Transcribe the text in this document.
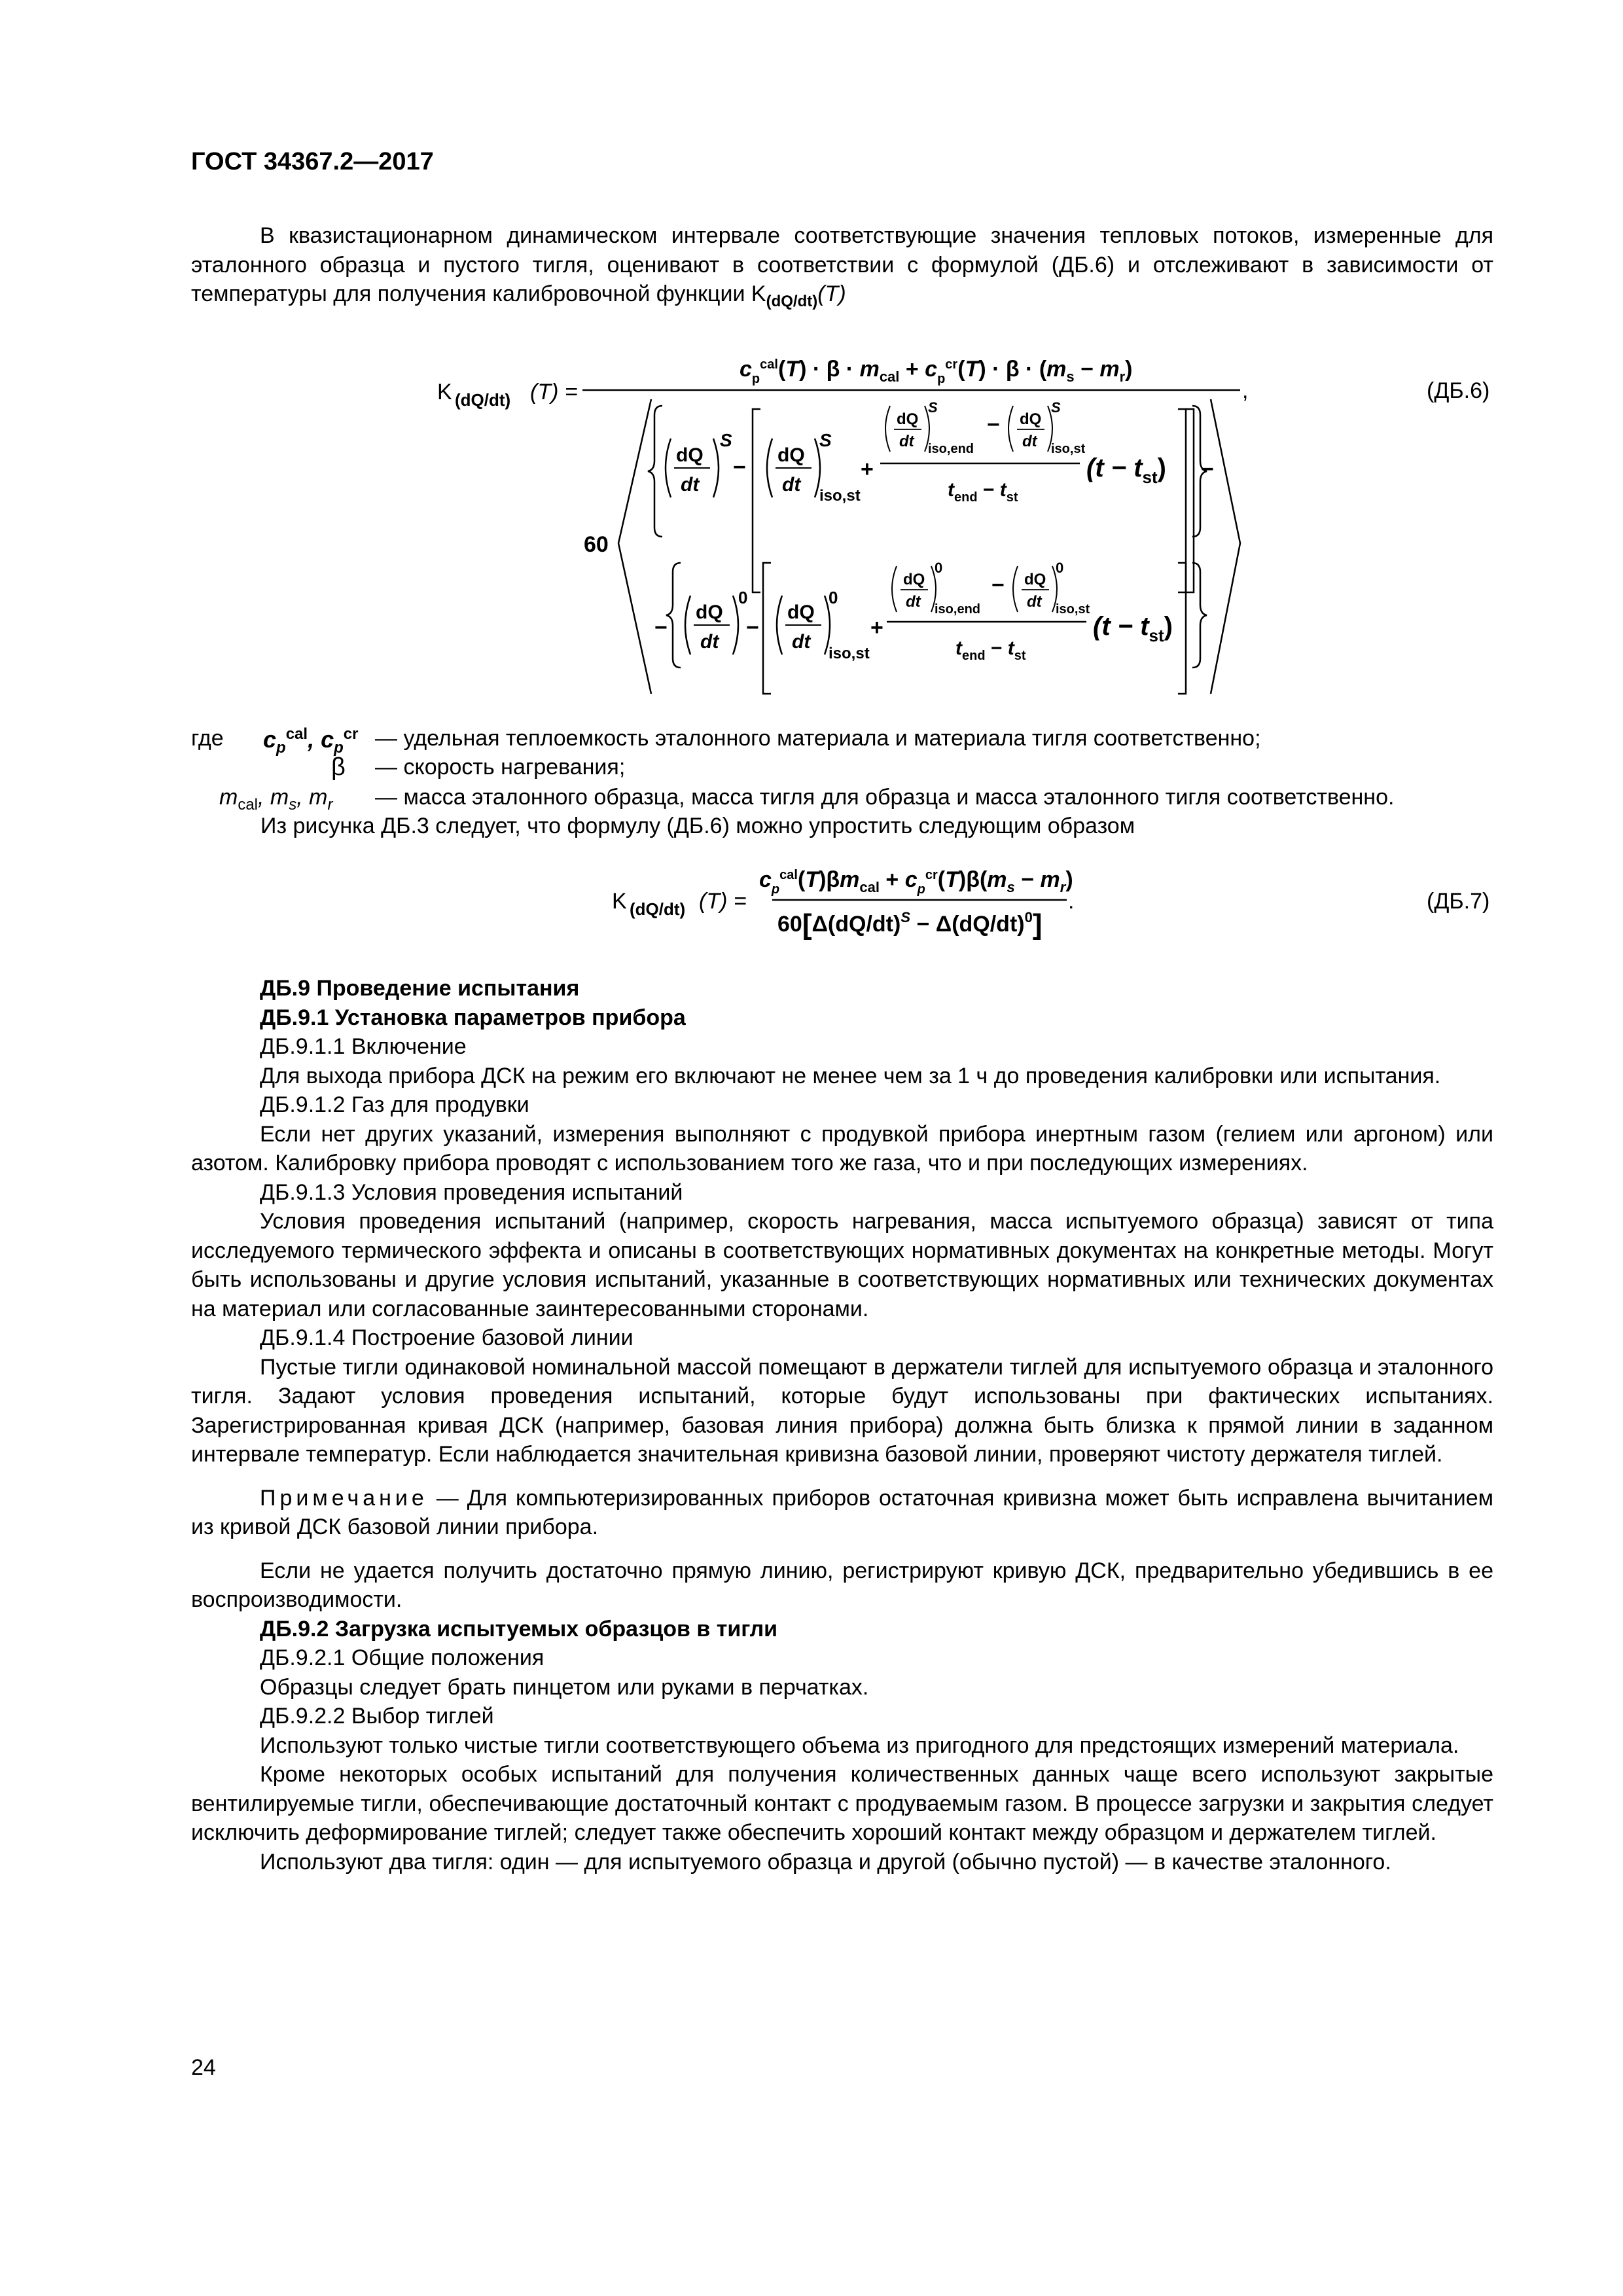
ГОСТ 34367.2—2017
В квазистационарном динамическом интервале соответствующие значения тепловых потоков, измеренные для эталонного образца и пустого тигля, оценивают в соответствии с формулой (ДБ.6) и отслеживают в зависимости от температуры для получения калибровочной функции $K_{(dQ/dt)}(T)$
K (dQ/dt) (T) =
$c_p^{cal}(T) \cdot \beta \cdot m_{cal} + c_p^{cr}(T) \cdot \beta \cdot (m_s - m_r)$
,	(ДБ.6)
60
dQ
dt
S
− dQ
dt
S
iso,st
+
dQ
dt
S
iso,end
− dQ
dt
S
iso,st
$t_{end} - t_{st}$
$(t - t_{st})$ −
−
dQ
dt
0
−
dQ
dt
0
iso,st
+
dQ
dt
0
iso,end
− dQ
dt
0
iso,st
$t_{end} - t_{st}$
$(t - t_{st})$
где $c_p^{cal}$, $c_p^{cr}$ — удельная теплоемкость эталонного материала и материала тигля соответственно;
β — скорость нагревания;
$m_{cal}$, $m_s$, $m_r$ — масса эталонного образца, масса тигля для образца и масса эталонного тигля соответственно.
Из рисунка ДБ.3 следует, что формулу (ДБ.6) можно упростить следующим образом
K (dQ/dt) (T) =
$c_p^{cal}(T)\beta m_{cal} + c_p^{cr}(T)\beta(m_s - m_r)$
$60[\Delta(dQ/dt)^S - \Delta(dQ/dt)^0]$
.	(ДБ.7)
ДБ.9 Проведение испытания
ДБ.9.1 Установка параметров прибора
ДБ.9.1.1 Включение
Для выхода прибора ДСК на режим его включают не менее чем за 1 ч до проведения калибровки или испытания.
ДБ.9.1.2 Газ для продувки
Если нет других указаний, измерения выполняют с продувкой прибора инертным газом (гелием или аргоном) или азотом. Калибровку прибора проводят с использованием того же газа, что и при последующих измерениях.
ДБ.9.1.3 Условия проведения испытаний
Условия проведения испытаний (например, скорость нагревания, масса испытуемого образца) зависят от типа исследуемого термического эффекта и описаны в соответствующих нормативных документах на конкретные методы. Могут быть использованы и другие условия испытаний, указанные в соответствующих нормативных или технических документах на материал или согласованные заинтересованными сторонами.
ДБ.9.1.4 Построение базовой линии
Пустые тигли одинаковой номинальной массой помещают в держатели тиглей для испытуемого образца и эталонного тигля. Задают условия проведения испытаний, которые будут использованы при фактических испытаниях. Зарегистрированная кривая ДСК (например, базовая линия прибора) должна быть близка к прямой линии в заданном интервале температур. Если наблюдается значительная кривизна базовой линии, проверяют чистоту держателя тиглей.
Примечание — Для компьютеризированных приборов остаточная кривизна может быть исправлена вычитанием из кривой ДСК базовой линии прибора.
Если не удается получить достаточно прямую линию, регистрируют кривую ДСК, предварительно убедившись в ее воспроизводимости.
ДБ.9.2 Загрузка испытуемых образцов в тигли
ДБ.9.2.1 Общие положения
Образцы следует брать пинцетом или руками в перчатках.
ДБ.9.2.2 Выбор тиглей
Используют только чистые тигли соответствующего объема из пригодного для предстоящих измерений материала.
Кроме некоторых особых испытаний для получения количественных данных чаще всего используют закрытые вентилируемые тигли, обеспечивающие достаточный контакт с продуваемым газом. В процессе загрузки и закрытия следует исключить деформирование тиглей; следует также обеспечить хороший контакт между образцом и держателем тиглей.
Используют два тигля: один — для испытуемого образца и другой (обычно пустой) — в качестве эталонного.
24
